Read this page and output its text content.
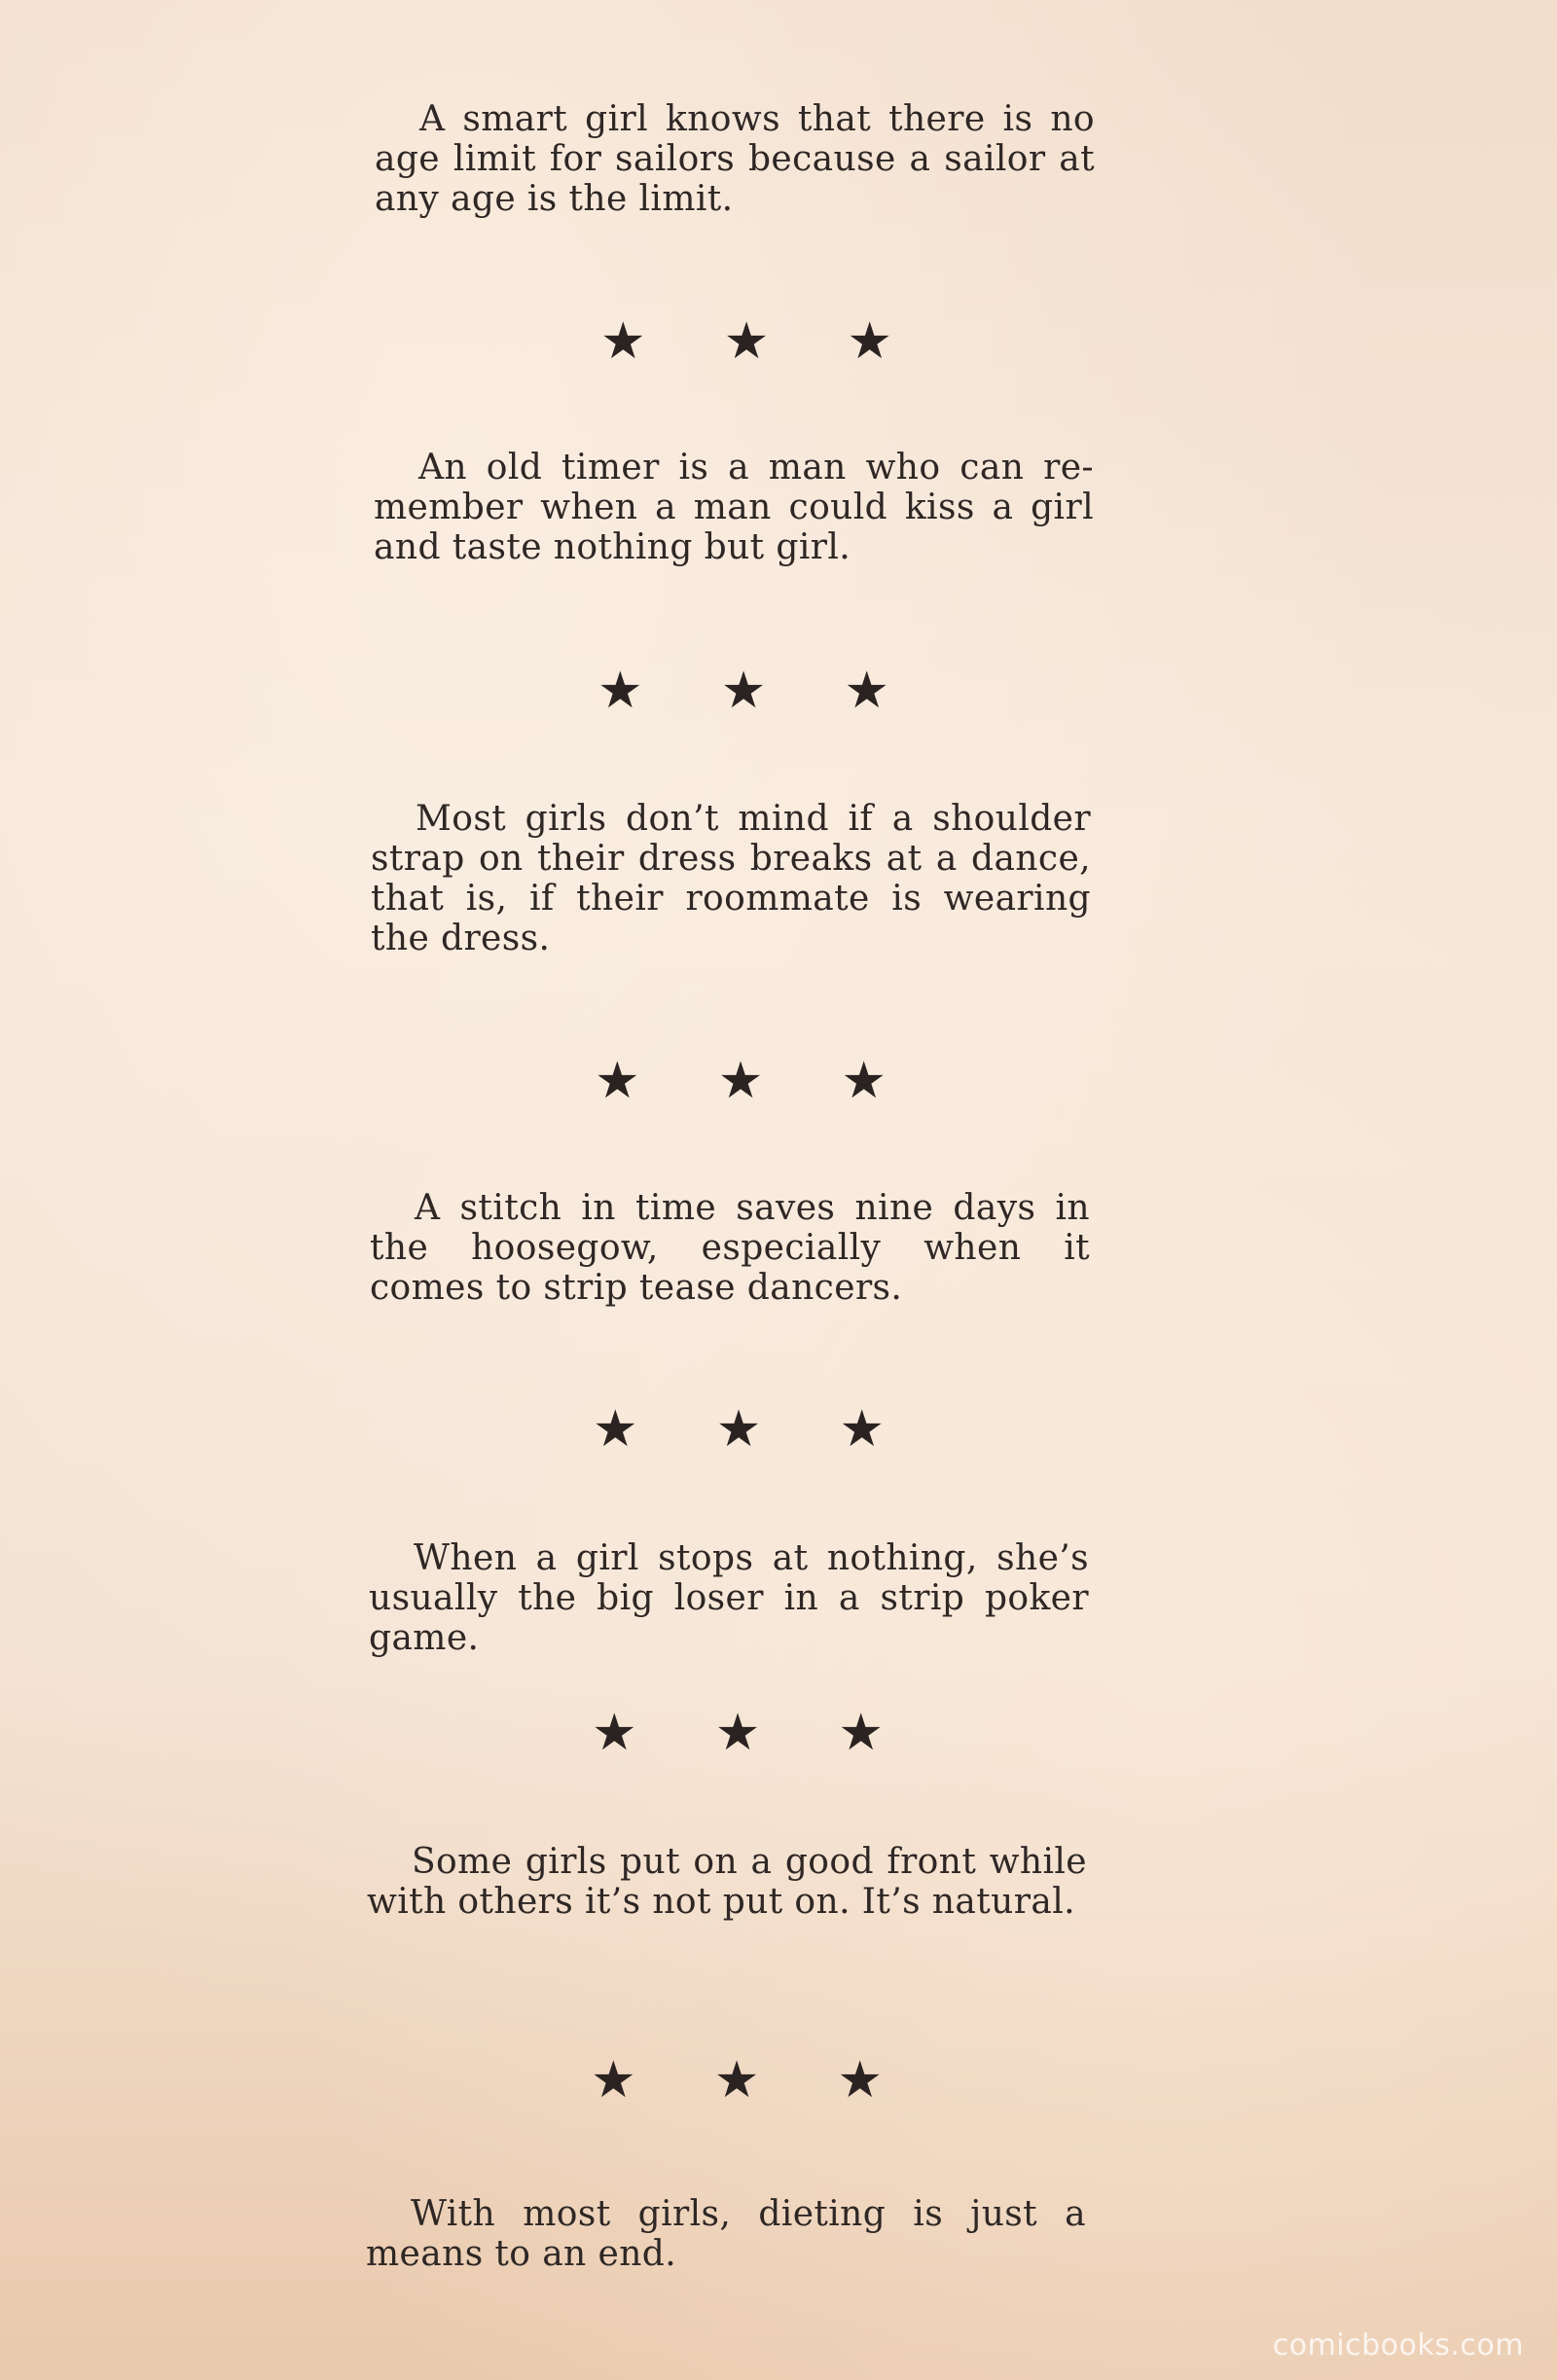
A smart girl knows that there is no age limit for sailors because a sailor at any age is the limit.

★ ★ ★

An old timer is a man who can re-member when a man could kiss a girl and taste nothing but girl.

★ ★ ★

Most girls don’t mind if a shoulder strap on their dress breaks at a dance, that is, if their roommate is wearing the dress.

★ ★ ★

A stitch in time saves nine days in the hoosegow, especially when it comes to strip tease dancers.

★ ★ ★

When a girl stops at nothing, she’s usually the big loser in a strip poker game.

★ ★ ★

Some girls put on a good front while with others it’s not put on. It’s natural.

★ ★ ★

With most girls, dieting is just a means to an end.

comicbooks.com
